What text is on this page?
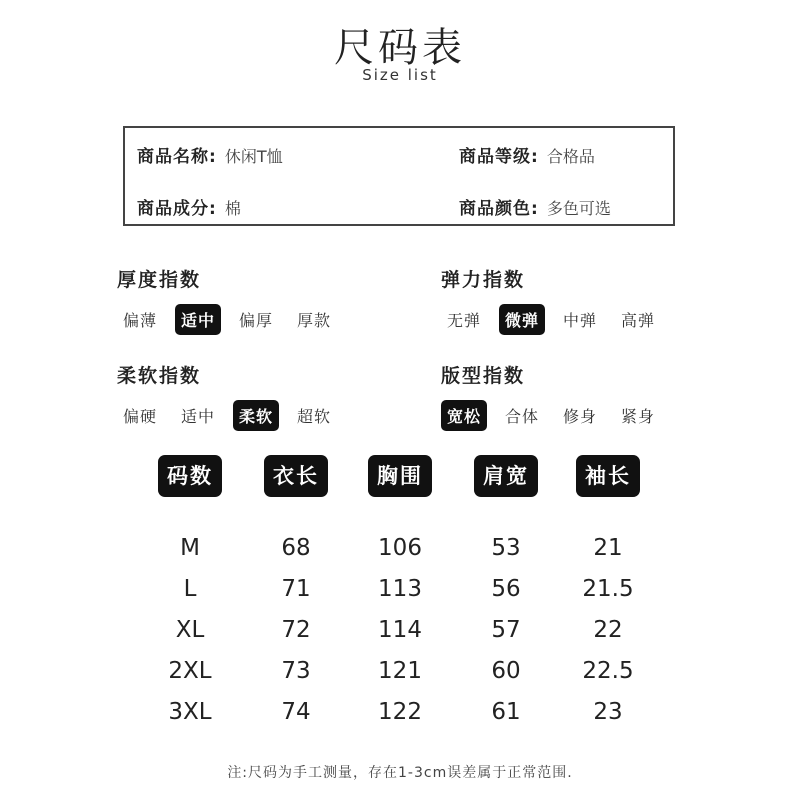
尺码表
Size list
商品名称: 休闲T恤	商品等级: 合格品
商品成分: 棉	商品颜色: 多色可选
厚度指数
偏薄	适中	偏厚	厚款
弹力指数
无弹	微弹	中弹	高弹
柔软指数
偏硬	适中	柔软	超软
版型指数
宽松	合体	修身	紧身
码数	衣长	胸围	肩宽	袖长
M	68	106	53	21
L	71	113	56	21.5
XL	72	114	57	22
2XL	73	121	60	22.5
3XL	74	122	61	23
注:尺码为手工测量，存在1-3cm误差属于正常范围.
